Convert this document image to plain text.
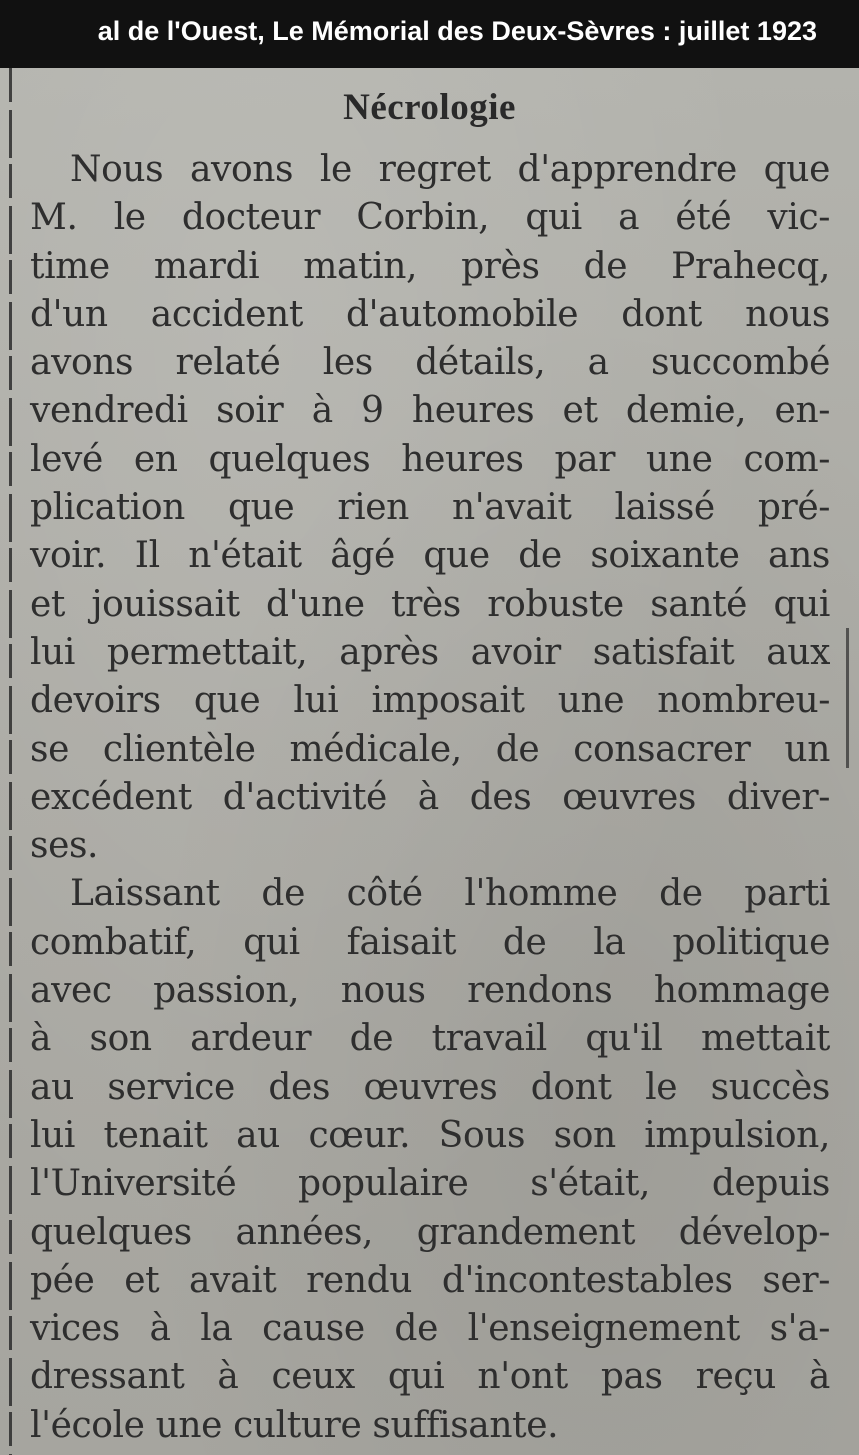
al de l'Ouest, Le Mémorial des Deux-Sèvres : juillet 1923
Nécrologie
Nous avons le regret d'apprendre que
M. le docteur Corbin, qui a été vic-
time mardi matin, près de Prahecq,
d'un accident d'automobile dont nous
avons relaté les détails, a succombé
vendredi soir à 9 heures et demie, en-
levé en quelques heures par une com-
plication que rien n'avait laissé pré-
voir. Il n'était âgé que de soixante ans
et jouissait d'une très robuste santé qui
lui permettait, après avoir satisfait aux
devoirs que lui imposait une nombreu-
se clientèle médicale, de consacrer un
excédent d'activité à des œuvres diver-
ses.
Laissant de côté l'homme de parti
combatif, qui faisait de la politique
avec passion, nous rendons hommage
à son ardeur de travail qu'il mettait
au service des œuvres dont le succès
lui tenait au cœur. Sous son impulsion,
l'Université populaire s'était, depuis
quelques années, grandement dévelop-
pée et avait rendu d'incontestables ser-
vices à la cause de l'enseignement s'a-
dressant à ceux qui n'ont pas reçu à
l'école une culture suffisante.
